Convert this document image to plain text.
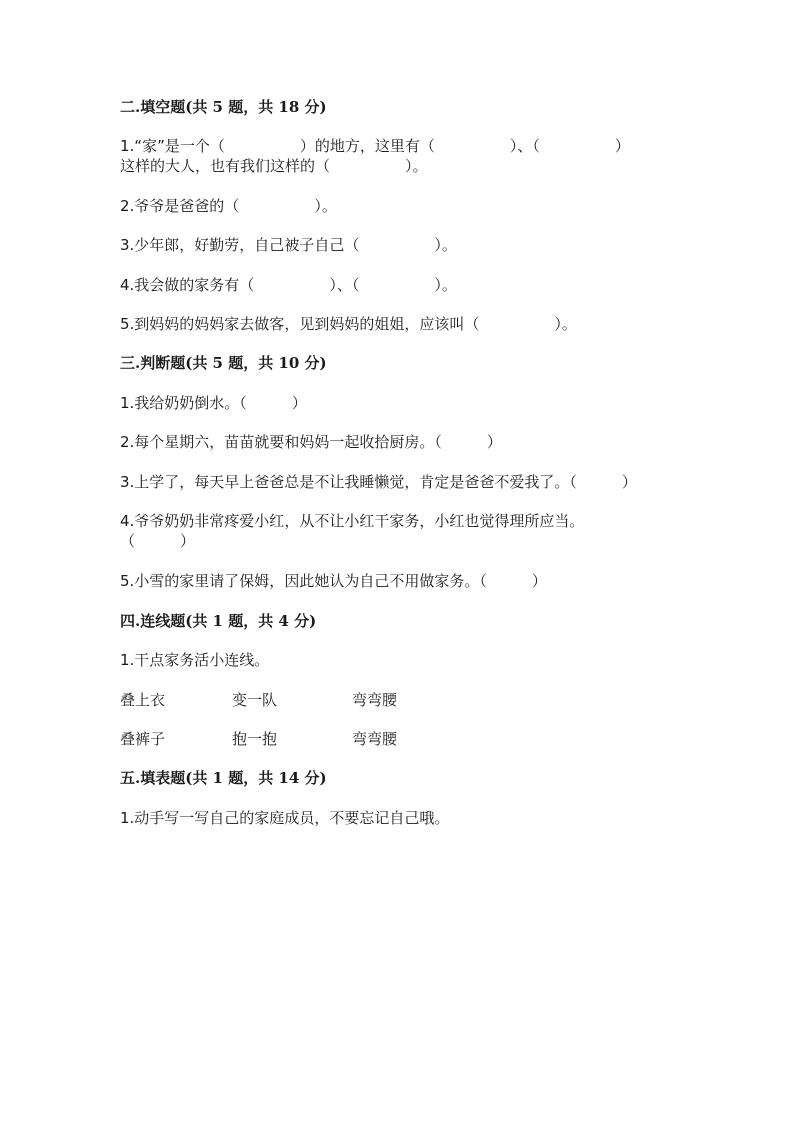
二.填空题(共 5 题，共 18 分)
1.“家”是一个（　　　　　）的地方，这里有（　　　　　）、（　　　　　）
这样的大人，也有我们这样的（　　　　　）。
2.爷爷是爸爸的（　　　　　）。
3.少年郎，好勤劳，自己被子自己（　　　　　）。
4.我会做的家务有（　　　　　）、（　　　　　）。
5.到妈妈的妈妈家去做客，见到妈妈的姐姐，应该叫（　　　　　）。
三.判断题(共 5 题，共 10 分)
1.我给奶奶倒水。（　　　）
2.每个星期六，苗苗就要和妈妈一起收拾厨房。（　　　）
3.上学了，每天早上爸爸总是不让我睡懒觉，肯定是爸爸不爱我了。（　　　）
4.爷爷奶奶非常疼爱小红，从不让小红干家务，小红也觉得理所应当。
（　　　）
5.小雪的家里请了保姆，因此她认为自己不用做家务。（　　　）
四.连线题(共 1 题，共 4 分)
1.干点家务活小连线。
叠上衣	变一队	弯弯腰
叠裤子	抱一抱	弯弯腰
五.填表题(共 1 题，共 14 分)
1.动手写一写自己的家庭成员，不要忘记自己哦。
